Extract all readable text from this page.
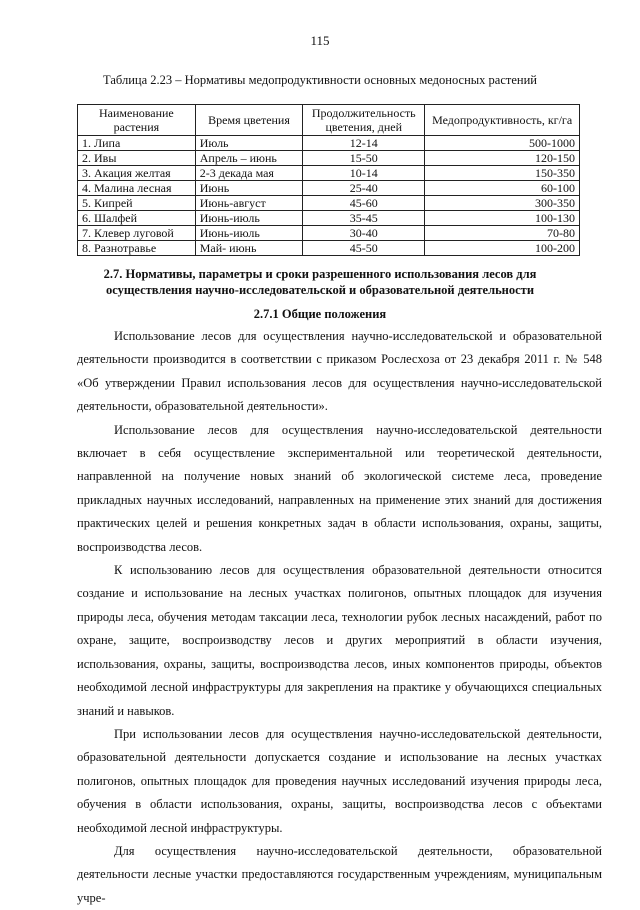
115
Таблица 2.23 – Нормативы медопродуктивности основных медоносных растений
Наименование растения	Время цветения	Продолжительность цветения, дней	Медопродуктивность, кг/га
1. Липа	Июль	12-14	500-1000
2. Ивы	Апрель – июнь	15-50	120-150
3. Акация желтая	2-3 декада мая	10-14	150-350
4. Малина лесная	Июнь	25-40	60-100
5. Кипрей	Июнь-август	45-60	300-350
6. Шалфей	Июнь-июль	35-45	100-130
7. Клевер луговой	Июнь-июль	30-40	70-80
8. Разнотравье	Май- июнь	45-50	100-200
2.7. Нормативы, параметры и сроки разрешенного использования лесов для осуществления научно-исследовательской и образовательной деятельности
2.7.1 Общие положения

Использование лесов для осуществления научно-исследовательской и образовательной деятельности производится в соответствии с приказом Рослесхоза от 23 декабря 2011 г. № 548 «Об утверждении Правил использования лесов для осуществления научно-исследовательской деятельности, образовательной деятельности».

Использование лесов для осуществления научно-исследовательской деятельности включает в себя осуществление экспериментальной или теоретической деятельности, направленной на получение новых знаний об экологической системе леса, проведение прикладных научных исследований, направленных на применение этих знаний для достижения практических целей и решения конкретных задач в области использования, охраны, защиты, воспроизводства лесов.

К использованию лесов для осуществления образовательной деятельности относится создание и использование на лесных участках полигонов, опытных площадок для изучения природы леса, обучения методам таксации леса, технологии рубок лесных насаждений, работ по охране, защите, воспроизводству лесов и других мероприятий в области изучения, использования, охраны, защиты, воспроизводства лесов, иных компонентов природы, объектов необходимой лесной инфраструктуры для закрепления на практике у обучающихся специальных знаний и навыков.

При использовании лесов для осуществления научно-исследовательской деятельности, образовательной деятельности допускается создание и использование на лесных участках полигонов, опытных площадок для проведения научных исследований изучения природы леса, обучения в области использования, охраны, защиты, воспроизводства лесов с объектами необходимой лесной инфраструктуры.

Для осуществления научно-исследовательской деятельности, образовательной деятельности лесные участки предоставляются государственным учреждениям, муниципальным учре-
